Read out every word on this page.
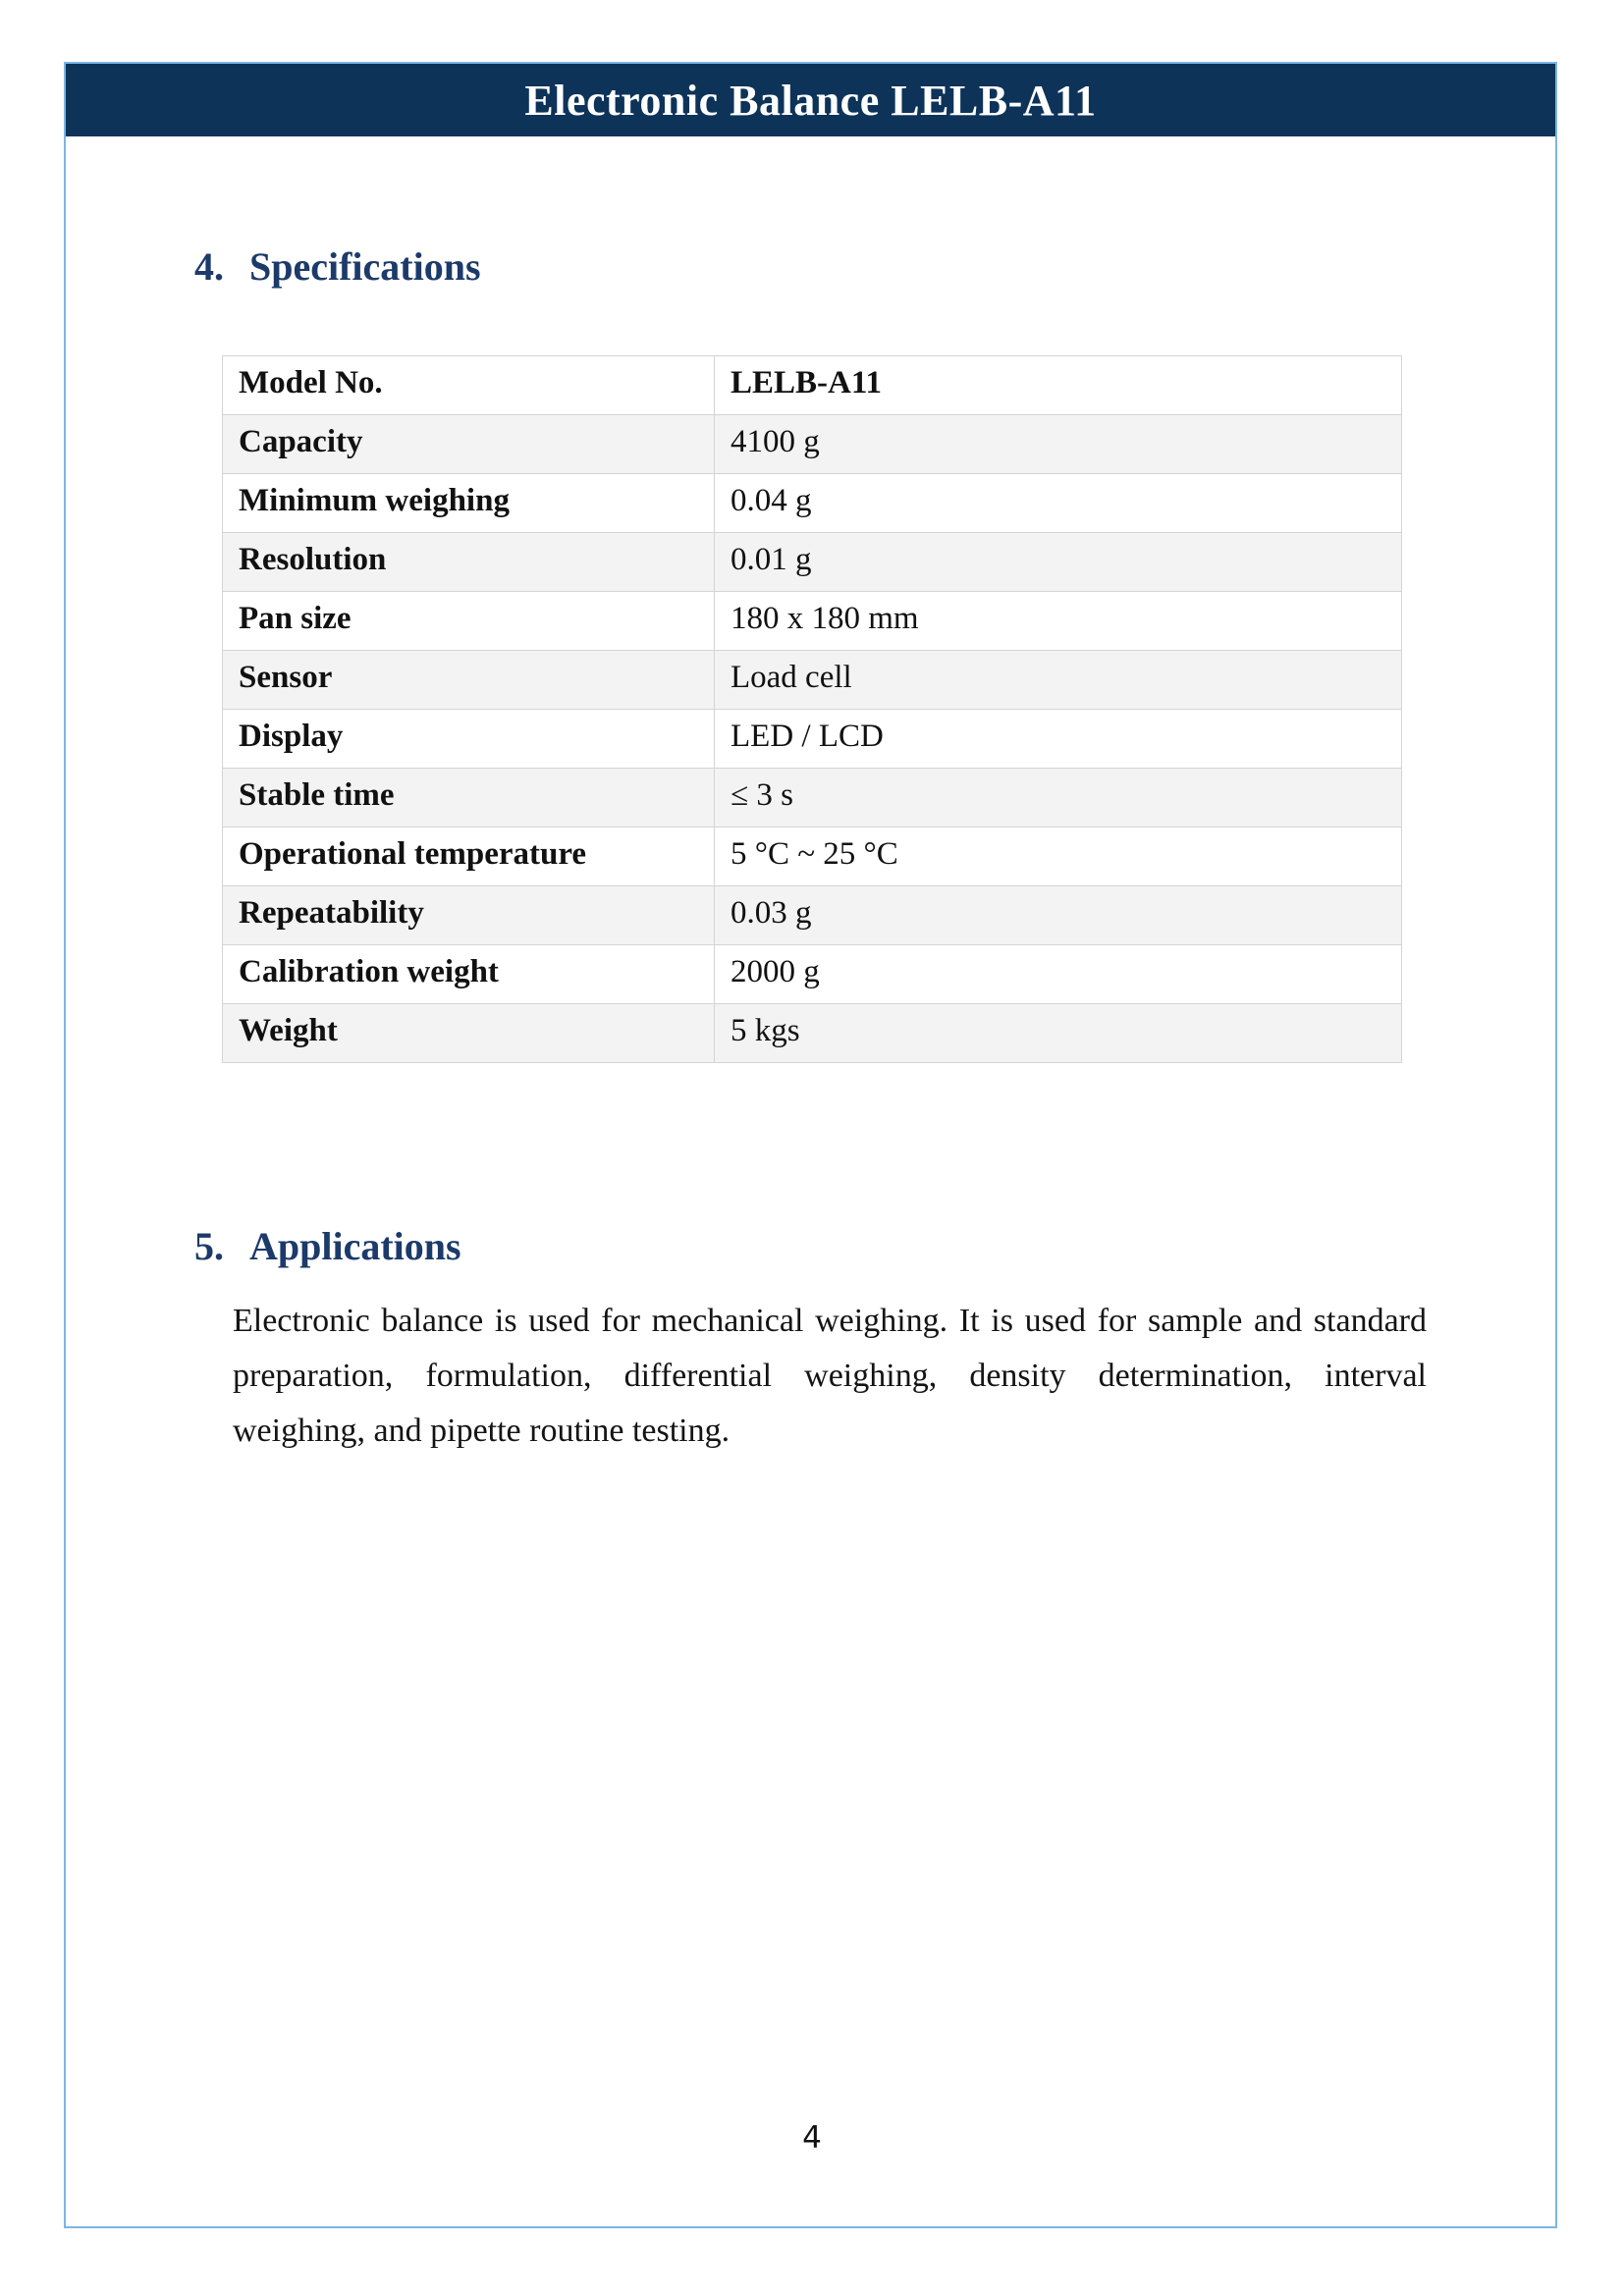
Electronic Balance LELB-A11
4. Specifications
Model No.	LELB-A11
Capacity	4100 g
Minimum weighing	0.04 g
Resolution	0.01 g
Pan size	180 x 180 mm
Sensor	Load cell
Display	LED / LCD
Stable time	≤ 3 s
Operational temperature	5 °C ~ 25 °C
Repeatability	0.03 g
Calibration weight	2000 g
Weight	5 kgs
5. Applications
Electronic balance is used for mechanical weighing. It is used for sample and standard
preparation, formulation, differential weighing, density determination, interval
weighing, and pipette routine testing.
4
